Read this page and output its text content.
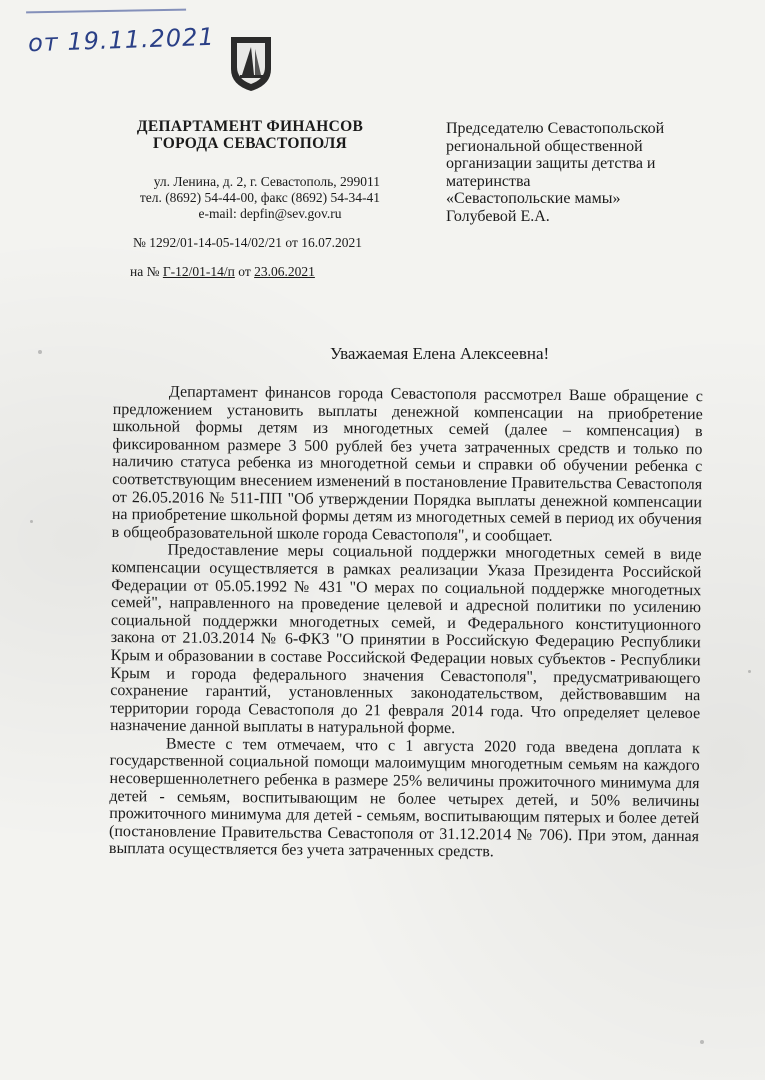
от 19.11.2021
ДЕПАРТАМЕНТ ФИНАНСОВ
ГОРОДА СЕВАСТОПОЛЯ
ул. Ленина, д. 2, г. Севастополь, 299011
тел. (8692) 54-44-00, факс (8692) 54-34-41
e-mail: depfin@sev.gov.ru
№ 1292/01-14-05-14/02/21 от 16.07.2021
на № Г-12/01-14/п от 23.06.2021
Председателю Севастопольской
региональной общественной
организации защиты детства и
материнства
«Севастопольские мамы»
Голубевой Е.А.
Уважаемая Елена Алексеевна!

Департамент финансов города Севастополя рассмотрел Ваше обращение с предложением установить выплаты денежной компенсации на приобретение школьной формы детям из многодетных семей (далее – компенсация) в фиксированном размере 3 500 рублей без учета затраченных средств и только по наличию статуса ребенка из многодетной семьи и справки об обучении ребенка с соответствующим внесением изменений в постановление Правительства Севастополя от 26.05.2016 № 511-ПП "Об утверждении Порядка выплаты денежной компенсации на приобретение школьной формы детям из многодетных семей в период их обучения в общеобразовательной школе города Севастополя", и сообщает.

Предоставление меры социальной поддержки многодетных семей в виде компенсации осуществляется в рамках реализации Указа Президента Российской Федерации от 05.05.1992 № 431 "О мерах по социальной поддержке многодетных семей", направленного на проведение целевой и адресной политики по усилению социальной поддержки многодетных семей, и Федерального конституционного закона от 21.03.2014 № 6-ФКЗ "О принятии в Российскую Федерацию Республики Крым и образовании в составе Российской Федерации новых субъектов - Республики Крым и города федерального значения Севастополя", предусматривающего сохранение гарантий, установленных законодательством, действовавшим на территории города Севастополя до 21 февраля 2014 года. Что определяет целевое назначение данной выплаты в натуральной форме.

Вместе с тем отмечаем, что с 1 августа 2020 года введена доплата к государственной социальной помощи малоимущим многодетным семьям на каждого несовершеннолетнего ребенка в размере 25% величины прожиточного минимума для детей - семьям, воспитывающим не более четырех детей, и 50% величины прожиточного минимума для детей - семьям, воспитывающим пятерых и более детей (постановление Правительства Севастополя от 31.12.2014 № 706). При этом, данная выплата осуществляется без учета затраченных средств.
